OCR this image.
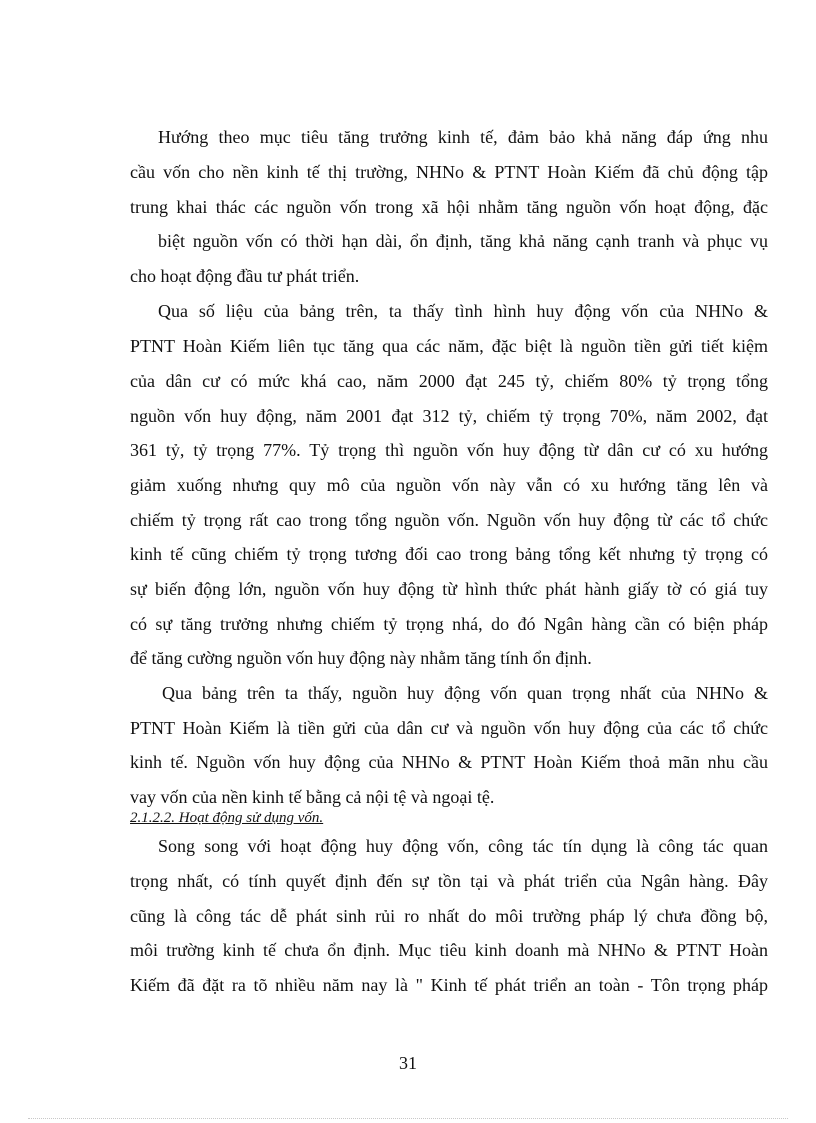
Hướng theo mục tiêu tăng trưởng kinh tế, đảm bảo khả năng đáp ứng nhu
cầu vốn cho nền kinh tế thị trường, NHNo & PTNT Hoàn Kiếm đã chủ động tập
trung khai thác các nguồn vốn trong xã hội nhằm tăng nguồn vốn hoạt động, đặc
biệt nguồn vốn có thời hạn dài, ổn định, tăng khả năng cạnh tranh và phục vụ
cho hoạt động đầu tư phát triển.
Qua số liệu của bảng trên, ta thấy tình hình huy động vốn của NHNo &
PTNT Hoàn Kiếm liên tục tăng qua các năm, đặc biệt là nguồn tiền gửi tiết kiệm
của dân cư có mức khá cao, năm 2000 đạt 245 tỷ, chiếm 80% tỷ trọng tổng
nguồn vốn huy động, năm 2001 đạt 312 tỷ, chiếm tỷ trọng 70%, năm 2002, đạt
361 tỷ, tỷ trọng 77%. Tỷ trọng thì nguồn vốn huy động từ dân cư có xu hướng
giảm xuống nhưng quy mô của nguồn vốn này vẫn có xu hướng tăng lên và
chiếm tỷ trọng rất cao trong tổng nguồn vốn. Nguồn vốn huy động từ các tổ chức
kinh tế cũng chiếm tỷ trọng tương đối cao trong bảng tổng kết nhưng tỷ trọng có
sự biến động lớn, nguồn vốn huy động từ hình thức phát hành giấy tờ có giá tuy
có sự tăng trưởng nhưng chiếm tỷ trọng nhá, do đó Ngân hàng cần có biện pháp
để tăng cường nguồn vốn huy động này nhằm tăng tính ổn định.
Qua bảng trên ta thấy, nguồn huy động vốn quan trọng nhất của NHNo &
PTNT Hoàn Kiếm là tiền gửi của dân cư và nguồn vốn huy động của các tổ chức
kinh tế. Nguồn vốn huy động của NHNo & PTNT Hoàn Kiếm thoả mãn nhu cầu
vay vốn của nền kinh tế bằng cả nội tệ và ngoại tệ.
2.1.2.2. Hoạt động sử dụng vốn.
Song song với hoạt động huy động vốn, công tác tín dụng là công tác quan
trọng nhất, có tính quyết định đến sự tồn tại và phát triển của Ngân hàng. Đây
cũng là công tác dễ phát sinh rủi ro nhất do môi trường pháp lý chưa đồng bộ,
môi trường kinh tế chưa ổn định. Mục tiêu kinh doanh mà NHNo & PTNT Hoàn
Kiếm đã đặt ra tõ nhiều năm nay là " Kinh tế phát triển an toàn - Tôn trọng pháp
31
